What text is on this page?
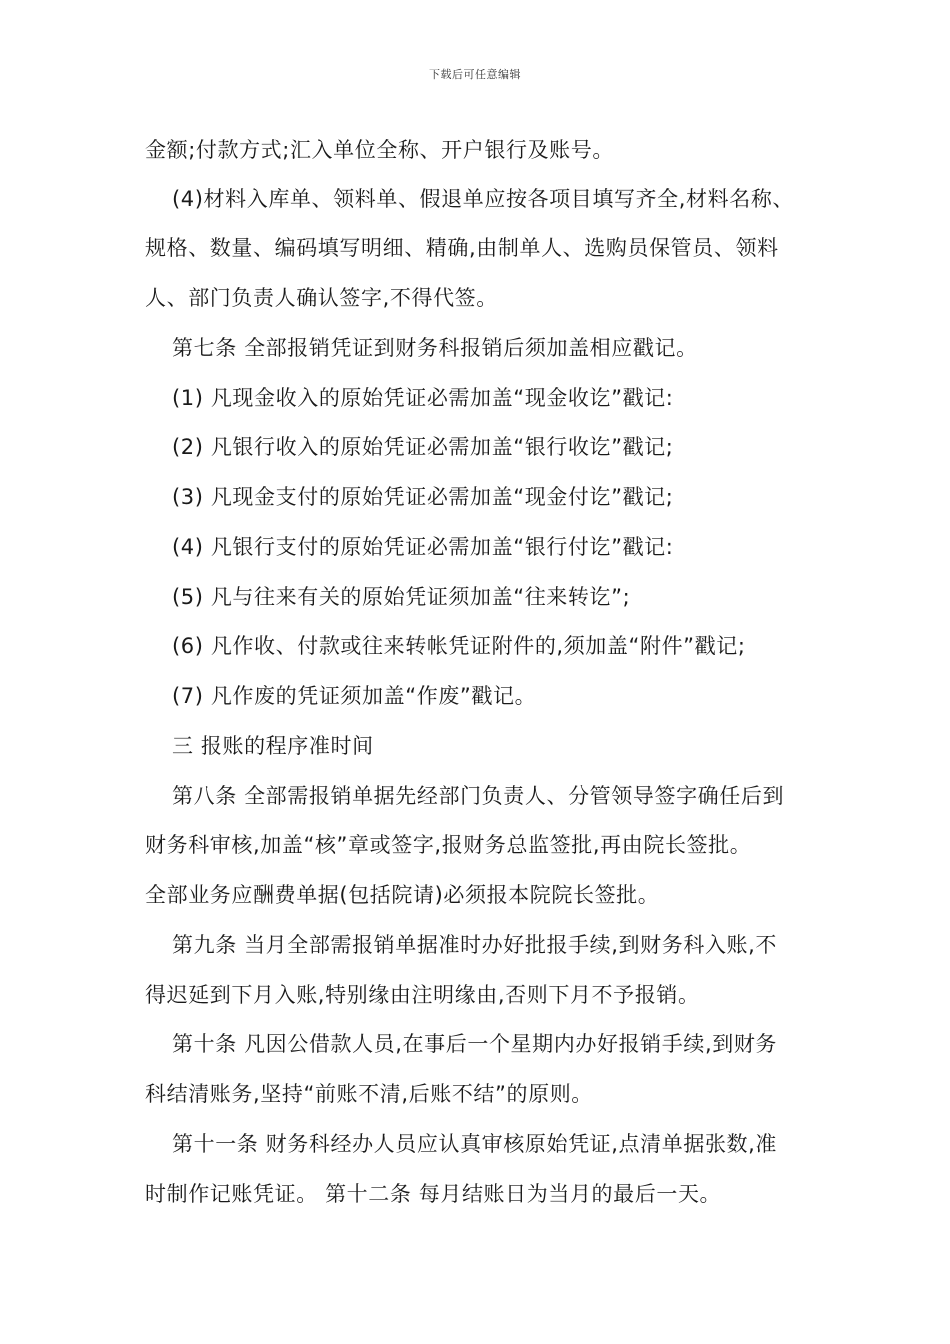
下载后可任意编辑
金额;付款方式;汇入单位全称、开户银行及账号。
(4)材料入库单、领料单、假退单应按各项目填写齐全,材料名称、
规格、数量、编码填写明细、精确,由制单人、选购员保管员、领料
人、部门负责人确认签字,不得代签。
第七条 全部报销凭证到财务科报销后须加盖相应戳记。
(1) 凡现金收入的原始凭证必需加盖“现金收讫”戳记:
(2) 凡银行收入的原始凭证必需加盖“银行收讫”戳记;
(3) 凡现金支付的原始凭证必需加盖“现金付讫”戳记;
(4) 凡银行支付的原始凭证必需加盖“银行付讫”戳记:
(5) 凡与往来有关的原始凭证须加盖“往来转讫”;
(6) 凡作收、付款或往来转帐凭证附件的,须加盖“附件”戳记;
(7) 凡作废的凭证须加盖“作废”戳记。
三 报账的程序准时间
第八条 全部需报销单据先经部门负责人、分管领导签字确任后到
财务科审核,加盖“核”章或签字,报财务总监签批,再由院长签批。
全部业务应酬费单据(包括院请)必须报本院院长签批。
第九条 当月全部需报销单据准时办好批报手续,到财务科入账,不
得迟延到下月入账,特别缘由注明缘由,否则下月不予报销。
第十条 凡因公借款人员,在事后一个星期内办好报销手续,到财务
科结清账务,坚持“前账不清,后账不结”的原则。
第十一条 财务科经办人员应认真审核原始凭证,点清单据张数,准
时制作记账凭证。 第十二条 每月结账日为当月的最后一天。
